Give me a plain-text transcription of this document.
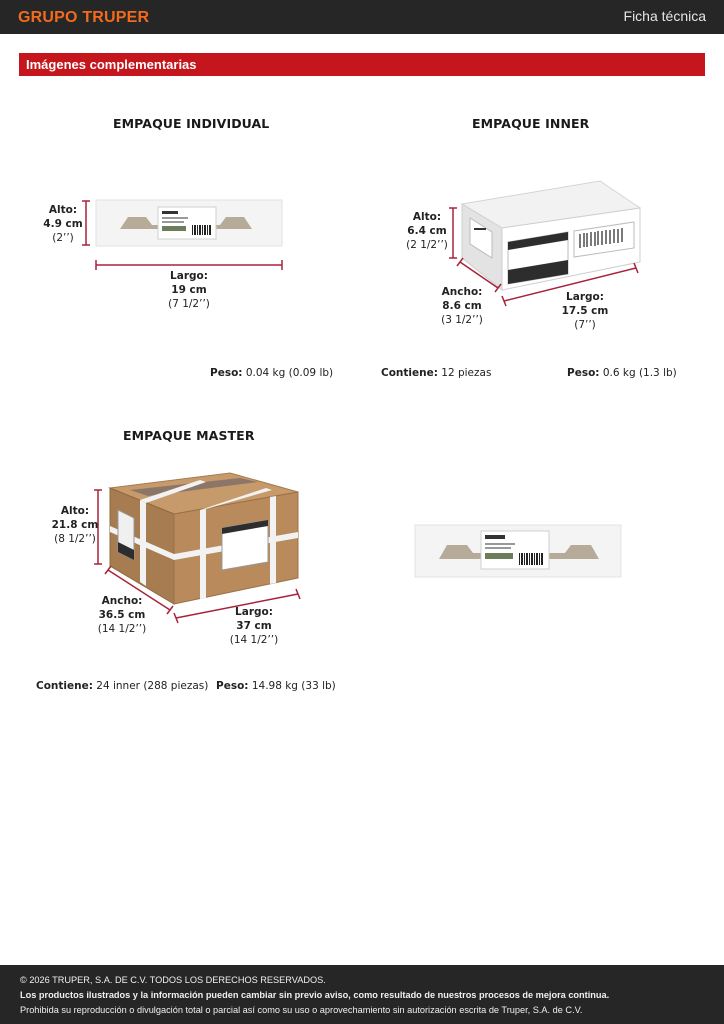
GRUPO TRUPER	Ficha técnica
Imágenes complementarias
EMPAQUE INDIVIDUAL
Alto:
4.9 cm
(2’’)
Largo:
19 cm
(7 1/2’’)
Peso: 0.04 kg (0.09 lb)
EMPAQUE INNER
Alto:
6.4 cm
(2 1/2’’)
Ancho:
8.6 cm
(3 1/2’’)
Largo:
17.5 cm
(7’’)
Contiene: 12 piezas	Peso: 0.6 kg (1.3 lb)
EMPAQUE MASTER
Alto:
21.8 cm
(8 1/2’’)
Ancho:
36.5 cm
(14 1/2’’)
Largo:
37 cm
(14 1/2’’)
Contiene: 24 inner (288 piezas) Peso: 14.98 kg (33 lb)
© 2026 TRUPER, S.A. DE C.V. TODOS LOS DERECHOS RESERVADOS.
Los productos ilustrados y la información pueden cambiar sin previo aviso, como resultado de nuestros procesos de mejora continua.
Prohibida su reproducción o divulgación total o parcial así como su uso o aprovechamiento sin autorización escrita de Truper, S.A. de C.V.
